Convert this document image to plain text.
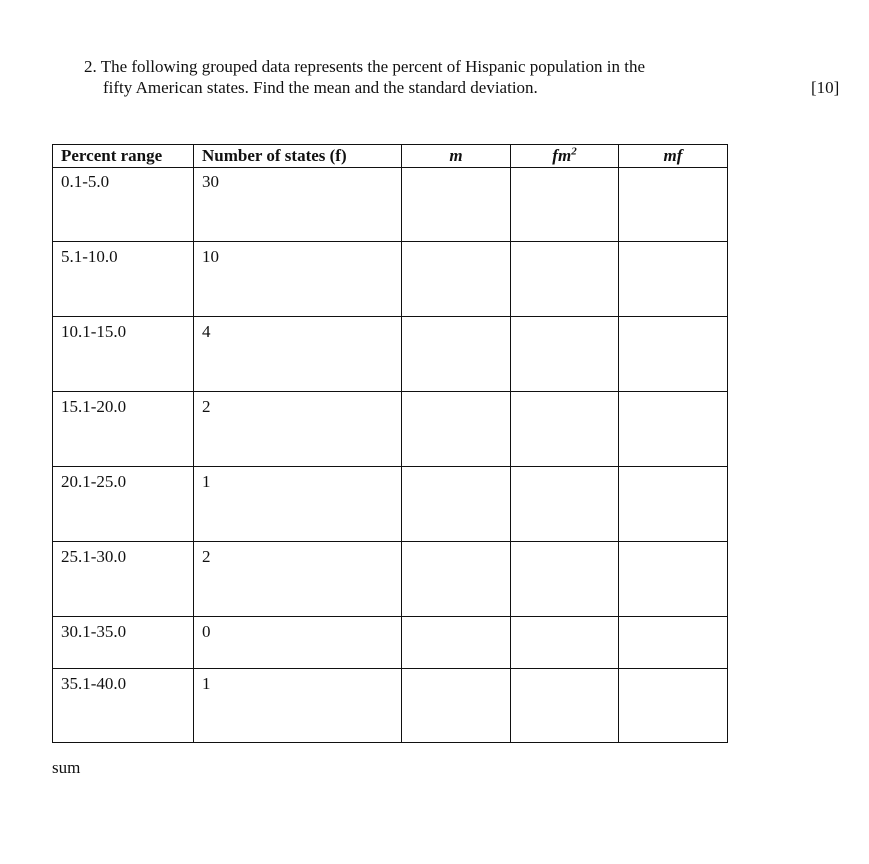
2. The following grouped data represents the percent of Hispanic population in the
fifty American states. Find the mean and the standard deviation.	[10]
Percent range	Number of states (f)	m	$fm^2$	mf
0.1-5.0	30			
5.1-10.0	10			
10.1-15.0	4			
15.1-20.0	2			
20.1-25.0	1			
25.1-30.0	2			
30.1-35.0	0			
35.1-40.0	1			
sum
